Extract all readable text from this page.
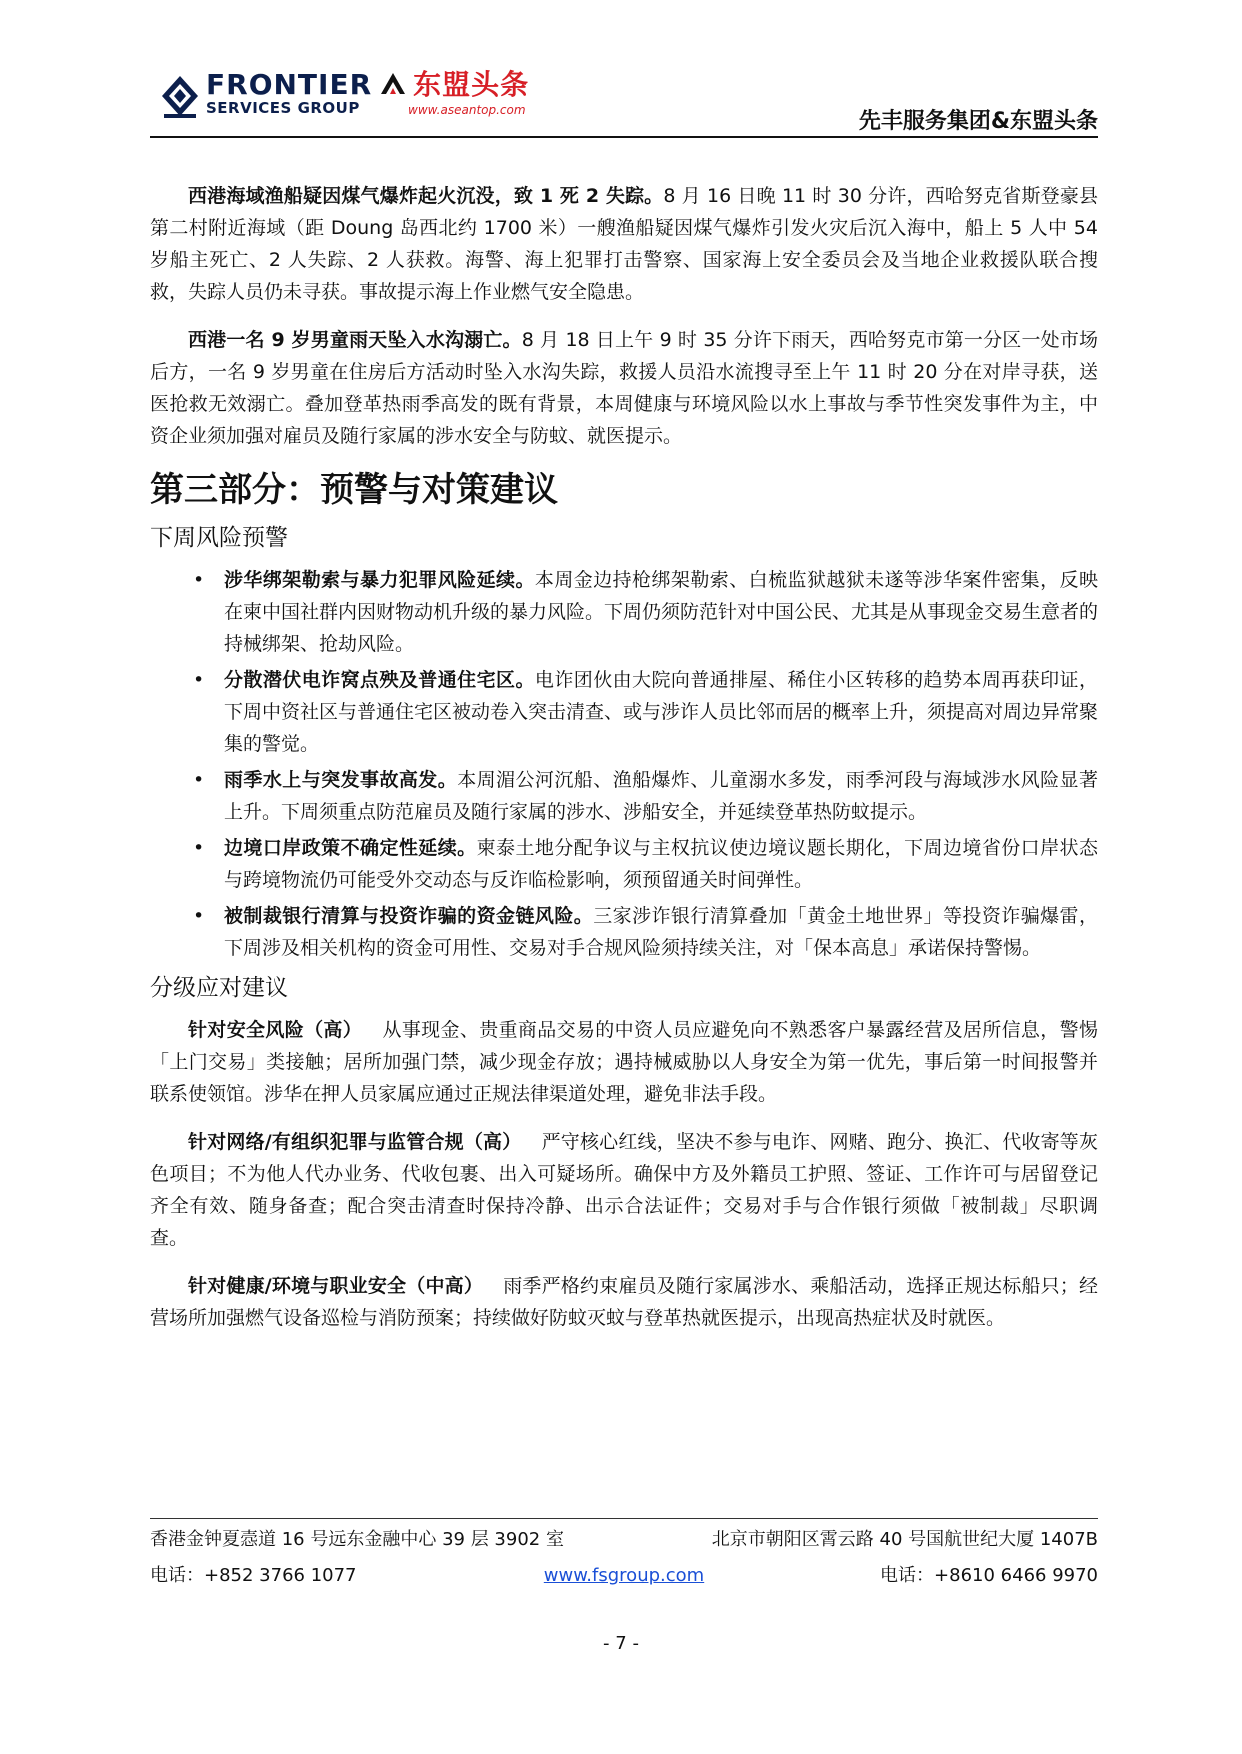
FRONTIER
SERVICES GROUP
东盟头条
www.aseantop.com	先丰服务集团&东盟头条

西港海域渔船疑因煤气爆炸起火沉没，致 1 死 2 失踪。8 月 16 日晚 11 时 30 分许，西哈努克省斯登豪县第二村附近海域（距 Doung 岛西北约 1700 米）一艘渔船疑因煤气爆炸引发火灾后沉入海中，船上 5 人中 54 岁船主死亡、2 人失踪、2 人获救。海警、海上犯罪打击警察、国家海上安全委员会及当地企业救援队联合搜救，失踪人员仍未寻获。事故提示海上作业燃气安全隐患。

西港一名 9 岁男童雨天坠入水沟溺亡。8 月 18 日上午 9 时 35 分许下雨天，西哈努克市第一分区一处市场后方，一名 9 岁男童在住房后方活动时坠入水沟失踪，救援人员沿水流搜寻至上午 11 时 20 分在对岸寻获，送医抢救无效溺亡。叠加登革热雨季高发的既有背景，本周健康与环境风险以水上事故与季节性突发事件为主，中资企业须加强对雇员及随行家属的涉水安全与防蚊、就医提示。

第三部分：预警与对策建议
下周风险预警
• 涉华绑架勒索与暴力犯罪风险延续。本周金边持枪绑架勒索、白梳监狱越狱未遂等涉华案件密集，反映在柬中国社群内因财物动机升级的暴力风险。下周仍须防范针对中国公民、尤其是从事现金交易生意者的持械绑架、抢劫风险。
• 分散潜伏电诈窝点殃及普通住宅区。电诈团伙由大院向普通排屋、稀住小区转移的趋势本周再获印证，下周中资社区与普通住宅区被动卷入突击清查、或与涉诈人员比邻而居的概率上升，须提高对周边异常聚集的警觉。
• 雨季水上与突发事故高发。本周湄公河沉船、渔船爆炸、儿童溺水多发，雨季河段与海域涉水风险显著上升。下周须重点防范雇员及随行家属的涉水、涉船安全，并延续登革热防蚊提示。
• 边境口岸政策不确定性延续。柬泰土地分配争议与主权抗议使边境议题长期化，下周边境省份口岸状态与跨境物流仍可能受外交动态与反诈临检影响，须预留通关时间弹性。
• 被制裁银行清算与投资诈骗的资金链风险。三家涉诈银行清算叠加「黄金土地世界」等投资诈骗爆雷，下周涉及相关机构的资金可用性、交易对手合规风险须持续关注，对「保本高息」承诺保持警惕。
分级应对建议

针对安全风险（高） 从事现金、贵重商品交易的中资人员应避免向不熟悉客户暴露经营及居所信息，警惕「上门交易」类接触；居所加强门禁，减少现金存放；遇持械威胁以人身安全为第一优先，事后第一时间报警并联系使领馆。涉华在押人员家属应通过正规法律渠道处理，避免非法手段。

针对网络/有组织犯罪与监管合规（高） 严守核心红线，坚决不参与电诈、网赌、跑分、换汇、代收寄等灰色项目；不为他人代办业务、代收包裹、出入可疑场所。确保中方及外籍员工护照、签证、工作许可与居留登记齐全有效、随身备查；配合突击清查时保持冷静、出示合法证件；交易对手与合作银行须做「被制裁」尽职调查。

针对健康/环境与职业安全（中高） 雨季严格约束雇员及随行家属涉水、乘船活动，选择正规达标船只；经营场所加强燃气设备巡检与消防预案；持续做好防蚊灭蚊与登革热就医提示，出现高热症状及时就医。

香港金钟夏悫道 16 号远东金融中心 39 层 3902 室	北京市朝阳区霄云路 40 号国航世纪大厦 1407B
电话：+852 3766 1077	www.fsgroup.com	电话：+8610 6466 9970
- 7 -
